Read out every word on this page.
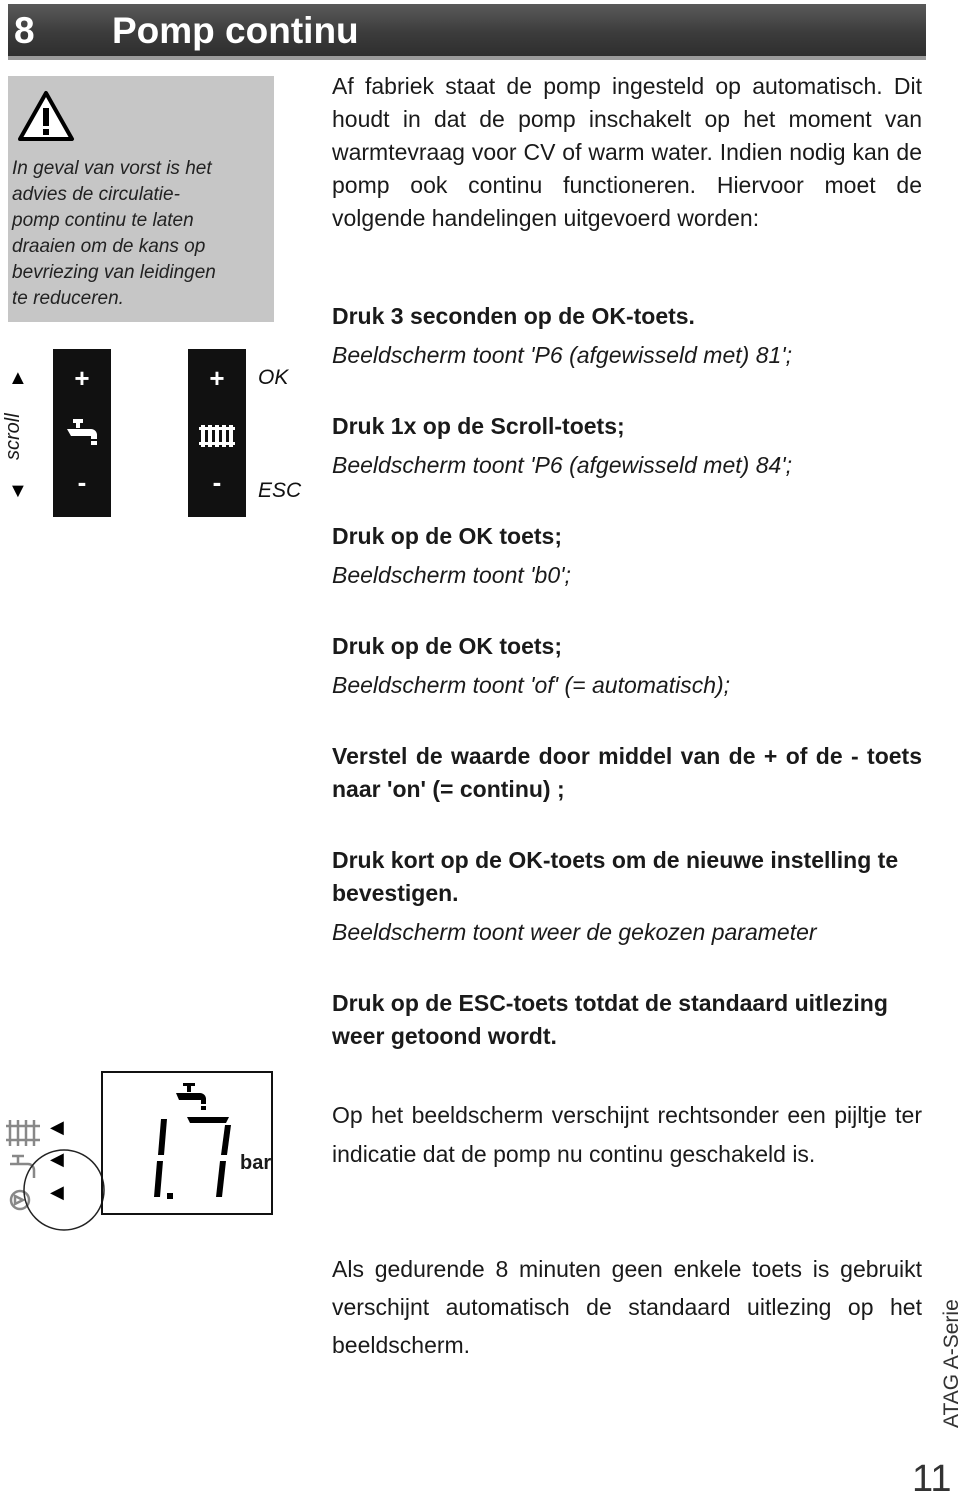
8 Pomp continu
In geval van vorst is het
advies de circulatie-
pomp continu te laten
draaien om de kans op
bevriezing van leidingen
te reduceren.
▲
scroll
▼
+
-
+
-
OK
ESC

Af fabriek staat de pomp ingesteld op automatisch. Dit houdt in dat de pomp inschakelt op het moment van warmtevraag voor CV of warm water. Indien nodig kan de pomp ook continu functioneren. Hiervoor moet de volgende handelingen uitgevoerd worden:

Druk 3 seconden op de OK-toets.

Beeldscherm toont 'P6 (afgewisseld met) 81';

Druk 1x op de Scroll-toets;

Beeldscherm toont 'P6 (afgewisseld met) 84';

Druk op de OK toets;

Beeldscherm toont 'b0';

Druk op de OK toets;

Beeldscherm toont 'of' (= automatisch);

Verstel de waarde door middel van de + of de - toets naar 'on' (= continu) ;

Druk kort op de OK-toets om de nieuwe instelling te bevestigen.

Beeldscherm toont weer de gekozen parameter

Druk op de ESC-toets totdat de standaard uitlezing weer getoond wordt.

◀
◀
◀
bar

Op het beeldscherm verschijnt rechtsonder een pijltje ter indicatie dat de pomp nu continu geschakeld is.

Als gedurende 8 minuten geen enkele toets is gebruikt verschijnt automatisch de standaard uitlezing op het beeldscherm.	ATAG A-Serie
11
